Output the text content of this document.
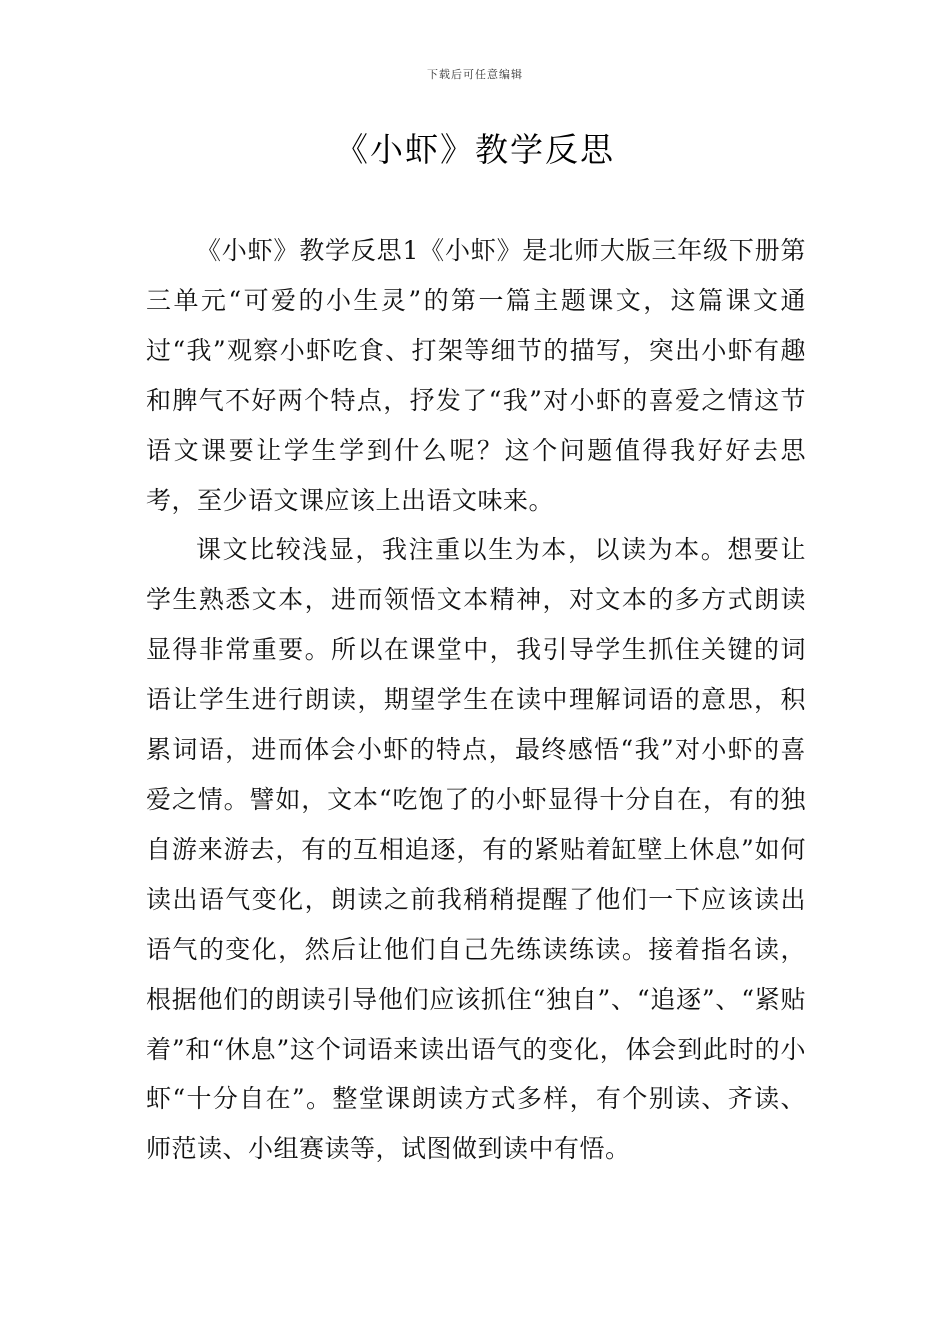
下载后可任意编辑
《小虾》教学反思

《小虾》教学反思1《小虾》是北师大版三年级下册第三单元“可爱的小生灵”的第一篇主题课文，这篇课文通过“我”观察小虾吃食、打架等细节的描写，突出小虾有趣和脾气不好两个特点，抒发了“我”对小虾的喜爱之情这节语文课要让学生学到什么呢？这个问题值得我好好去思考，至少语文课应该上出语文味来。

课文比较浅显，我注重以生为本，以读为本。想要让学生熟悉文本，进而领悟文本精神，对文本的多方式朗读显得非常重要。所以在课堂中，我引导学生抓住关键的词语让学生进行朗读，期望学生在读中理解词语的意思，积累词语，进而体会小虾的特点，最终感悟“我”对小虾的喜爱之情。譬如，文本“吃饱了的小虾显得十分自在，有的独自游来游去，有的互相追逐，有的紧贴着缸壁上休息”如何读出语气变化，朗读之前我稍稍提醒了他们一下应该读出语气的变化，然后让他们自己先练读练读。接着指名读，根据他们的朗读引导他们应该抓住“独自”、“追逐”、“紧贴着”和“休息”这个词语来读出语气的变化，体会到此时的小虾“十分自在”。整堂课朗读方式多样，有个别读、齐读、师范读、小组赛读等，试图做到读中有悟。
